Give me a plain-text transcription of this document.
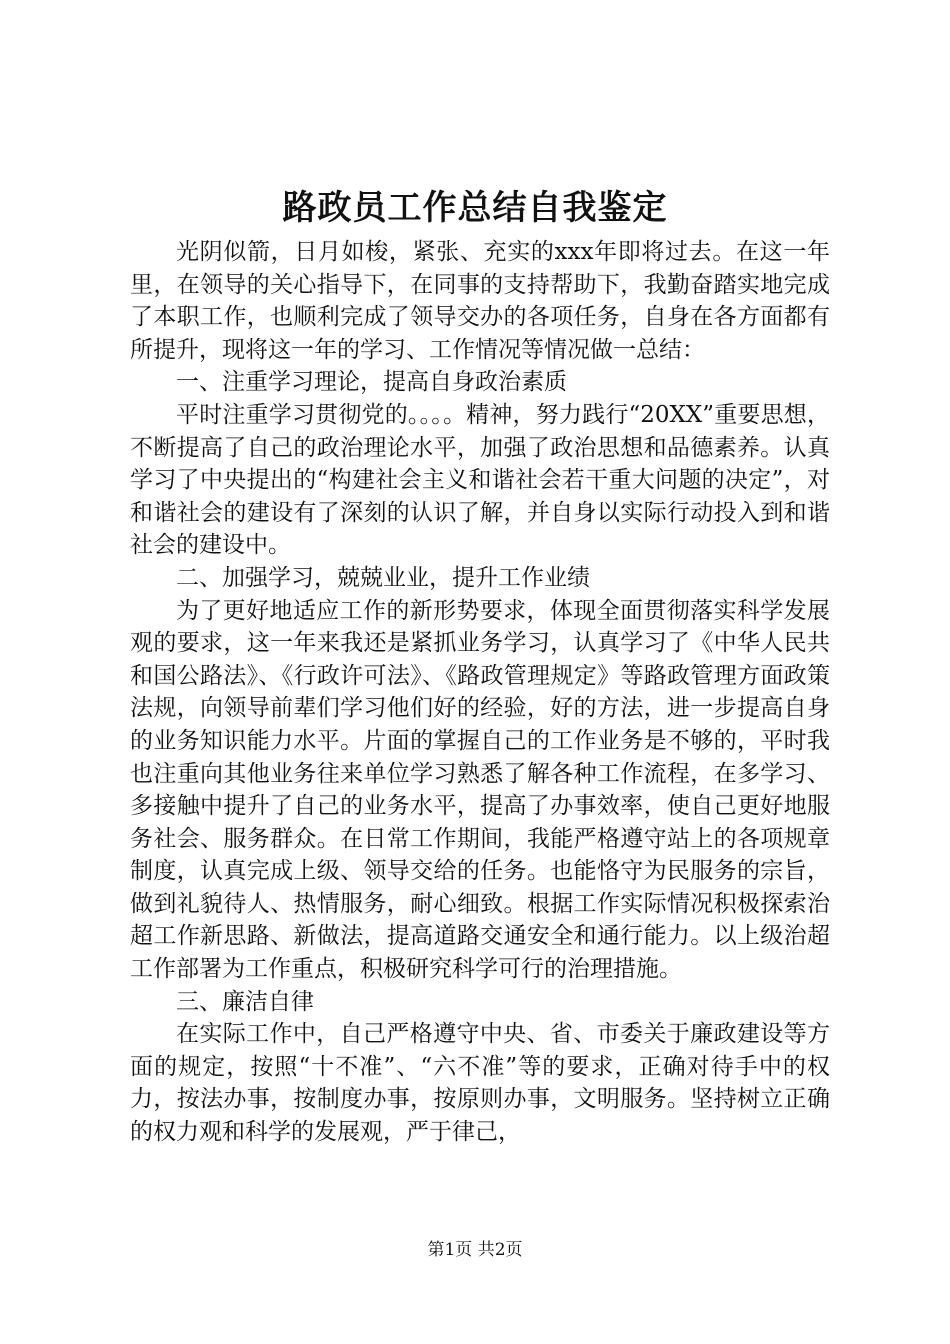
路政员工作总结自我鉴定

光阴似箭，日月如梭，紧张、充实的xxx年即将过去。在这一年里，在领导的关心指导下，在同事的支持帮助下，我勤奋踏实地完成了本职工作，也顺利完成了领导交办的各项任务，自身在各方面都有所提升，现将这一年的学习、工作情况等情况做一总结：

一、注重学习理论，提高自身政治素质

平时注重学习贯彻党的。。。。精神，努力践行“20XX”重要思想，不断提高了自己的政治理论水平，加强了政治思想和品德素养。认真学习了中央提出的“构建社会主义和谐社会若干重大问题的决定”，对和谐社会的建设有了深刻的认识了解，并自身以实际行动投入到和谐社会的建设中。

二、加强学习，兢兢业业，提升工作业绩

为了更好地适应工作的新形势要求，体现全面贯彻落实科学发展观的要求，这一年来我还是紧抓业务学习，认真学习了《中华人民共和国公路法》、《行政许可法》、《路政管理规定》等路政管理方面政策法规，向领导前辈们学习他们好的经验，好的方法，进一步提高自身的业务知识能力水平。片面的掌握自己的工作业务是不够的，平时我也注重向其他业务往来单位学习熟悉了解各种工作流程，在多学习、多接触中提升了自己的业务水平，提高了办事效率，使自己更好地服务社会、服务群众。在日常工作期间，我能严格遵守站上的各项规章制度，认真完成上级、领导交给的任务。也能恪守为民服务的宗旨，做到礼貌待人、热情服务，耐心细致。根据工作实际情况积极探索治超工作新思路、新做法，提高道路交通安全和通行能力。以上级治超工作部署为工作重点，积极研究科学可行的治理措施。

三、廉洁自律

在实际工作中，自己严格遵守中央、省、市委关于廉政建设等方面的规定，按照“十不准”、“六不准”等的要求，正确对待手中的权力，按法办事，按制度办事，按原则办事，文明服务。坚持树立正确的权力观和科学的发展观，严于律己，

第1页 共2页
